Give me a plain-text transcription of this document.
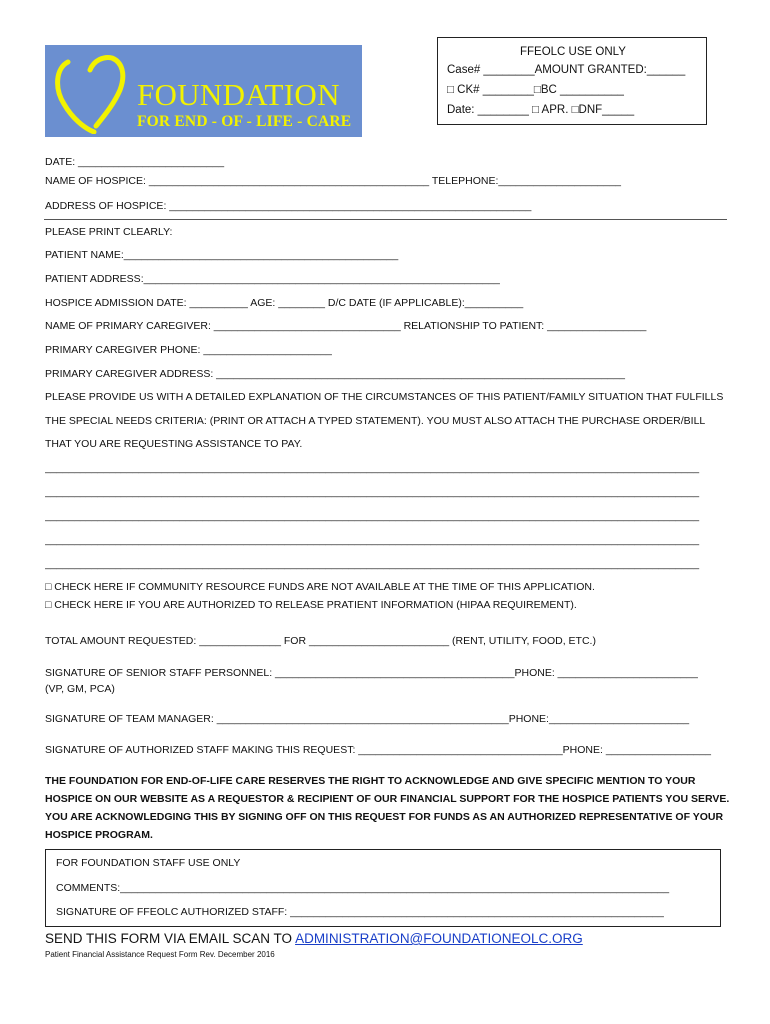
FOUNDATION
FOR END - OF - LIFE - CARE
FFEOLC USE ONLY
Case# ________AMOUNT GRANTED:______
□ CK# ________□BC __________
Date: ________ □ APR. □DNF_____
DATE: _________________________
NAME OF HOSPICE: ________________________________________________ TELEPHONE:_____________________
ADDRESS OF HOSPICE: ______________________________________________________________
PLEASE PRINT CLEARLY:
PATIENT NAME:_______________________________________________
PATIENT ADDRESS:_____________________________________________________________
HOSPICE ADMISSION DATE: __________ AGE: ________ D/C DATE (IF APPLICABLE):__________
NAME OF PRIMARY CAREGIVER: ________________________________ RELATIONSHIP TO PATIENT: _________________
PRIMARY CAREGIVER PHONE: ______________________
PRIMARY CAREGIVER ADDRESS: ______________________________________________________________________
PLEASE PROVIDE US WITH A DETAILED EXPLANATION OF THE CIRCUMSTANCES OF THIS PATIENT/FAMILY SITUATION THAT FULFILLS
THE SPECIAL NEEDS CRITERIA: (PRINT OR ATTACH A TYPED STATEMENT). YOU MUST ALSO ATTACH THE PURCHASE ORDER/BILL
THAT YOU ARE REQUESTING ASSISTANCE TO PAY.
________________________________________________________________________________________________________________
________________________________________________________________________________________________________________
________________________________________________________________________________________________________________
________________________________________________________________________________________________________________
________________________________________________________________________________________________________________
□ CHECK HERE IF COMMUNITY RESOURCE FUNDS ARE NOT AVAILABLE AT THE TIME OF THIS APPLICATION.
□ CHECK HERE IF YOU ARE AUTHORIZED TO RELEASE PRATIENT INFORMATION (HIPAA REQUIREMENT).
TOTAL AMOUNT REQUESTED: ______________ FOR ________________________ (RENT, UTILITY, FOOD, ETC.)
SIGNATURE OF SENIOR STAFF PERSONNEL: _________________________________________PHONE: ________________________
(VP, GM, PCA)
SIGNATURE OF TEAM MANAGER: __________________________________________________PHONE:________________________
SIGNATURE OF AUTHORIZED STAFF MAKING THIS REQUEST: ___________________________________PHONE: __________________
THE FOUNDATION FOR END-OF-LIFE CARE RESERVES THE RIGHT TO ACKNOWLEDGE AND GIVE SPECIFIC MENTION TO YOUR
HOSPICE ON OUR WEBSITE AS A REQUESTOR & RECIPIENT OF OUR FINANCIAL SUPPORT FOR THE HOSPICE PATIENTS YOU SERVE.
YOU ARE ACKNOWLEDGING THIS BY SIGNING OFF ON THIS REQUEST FOR FUNDS AS AN AUTHORIZED REPRESENTATIVE OF YOUR
HOSPICE PROGRAM.
FOR FOUNDATION STAFF USE ONLY
COMMENTS:______________________________________________________________________________________________
SIGNATURE OF FFEOLC AUTHORIZED STAFF: ________________________________________________________________
SEND THIS FORM VIA EMAIL SCAN TO ADMINISTRATION@FOUNDATIONEOLC.ORG
Patient Financial Assistance Request Form Rev. December 2016
